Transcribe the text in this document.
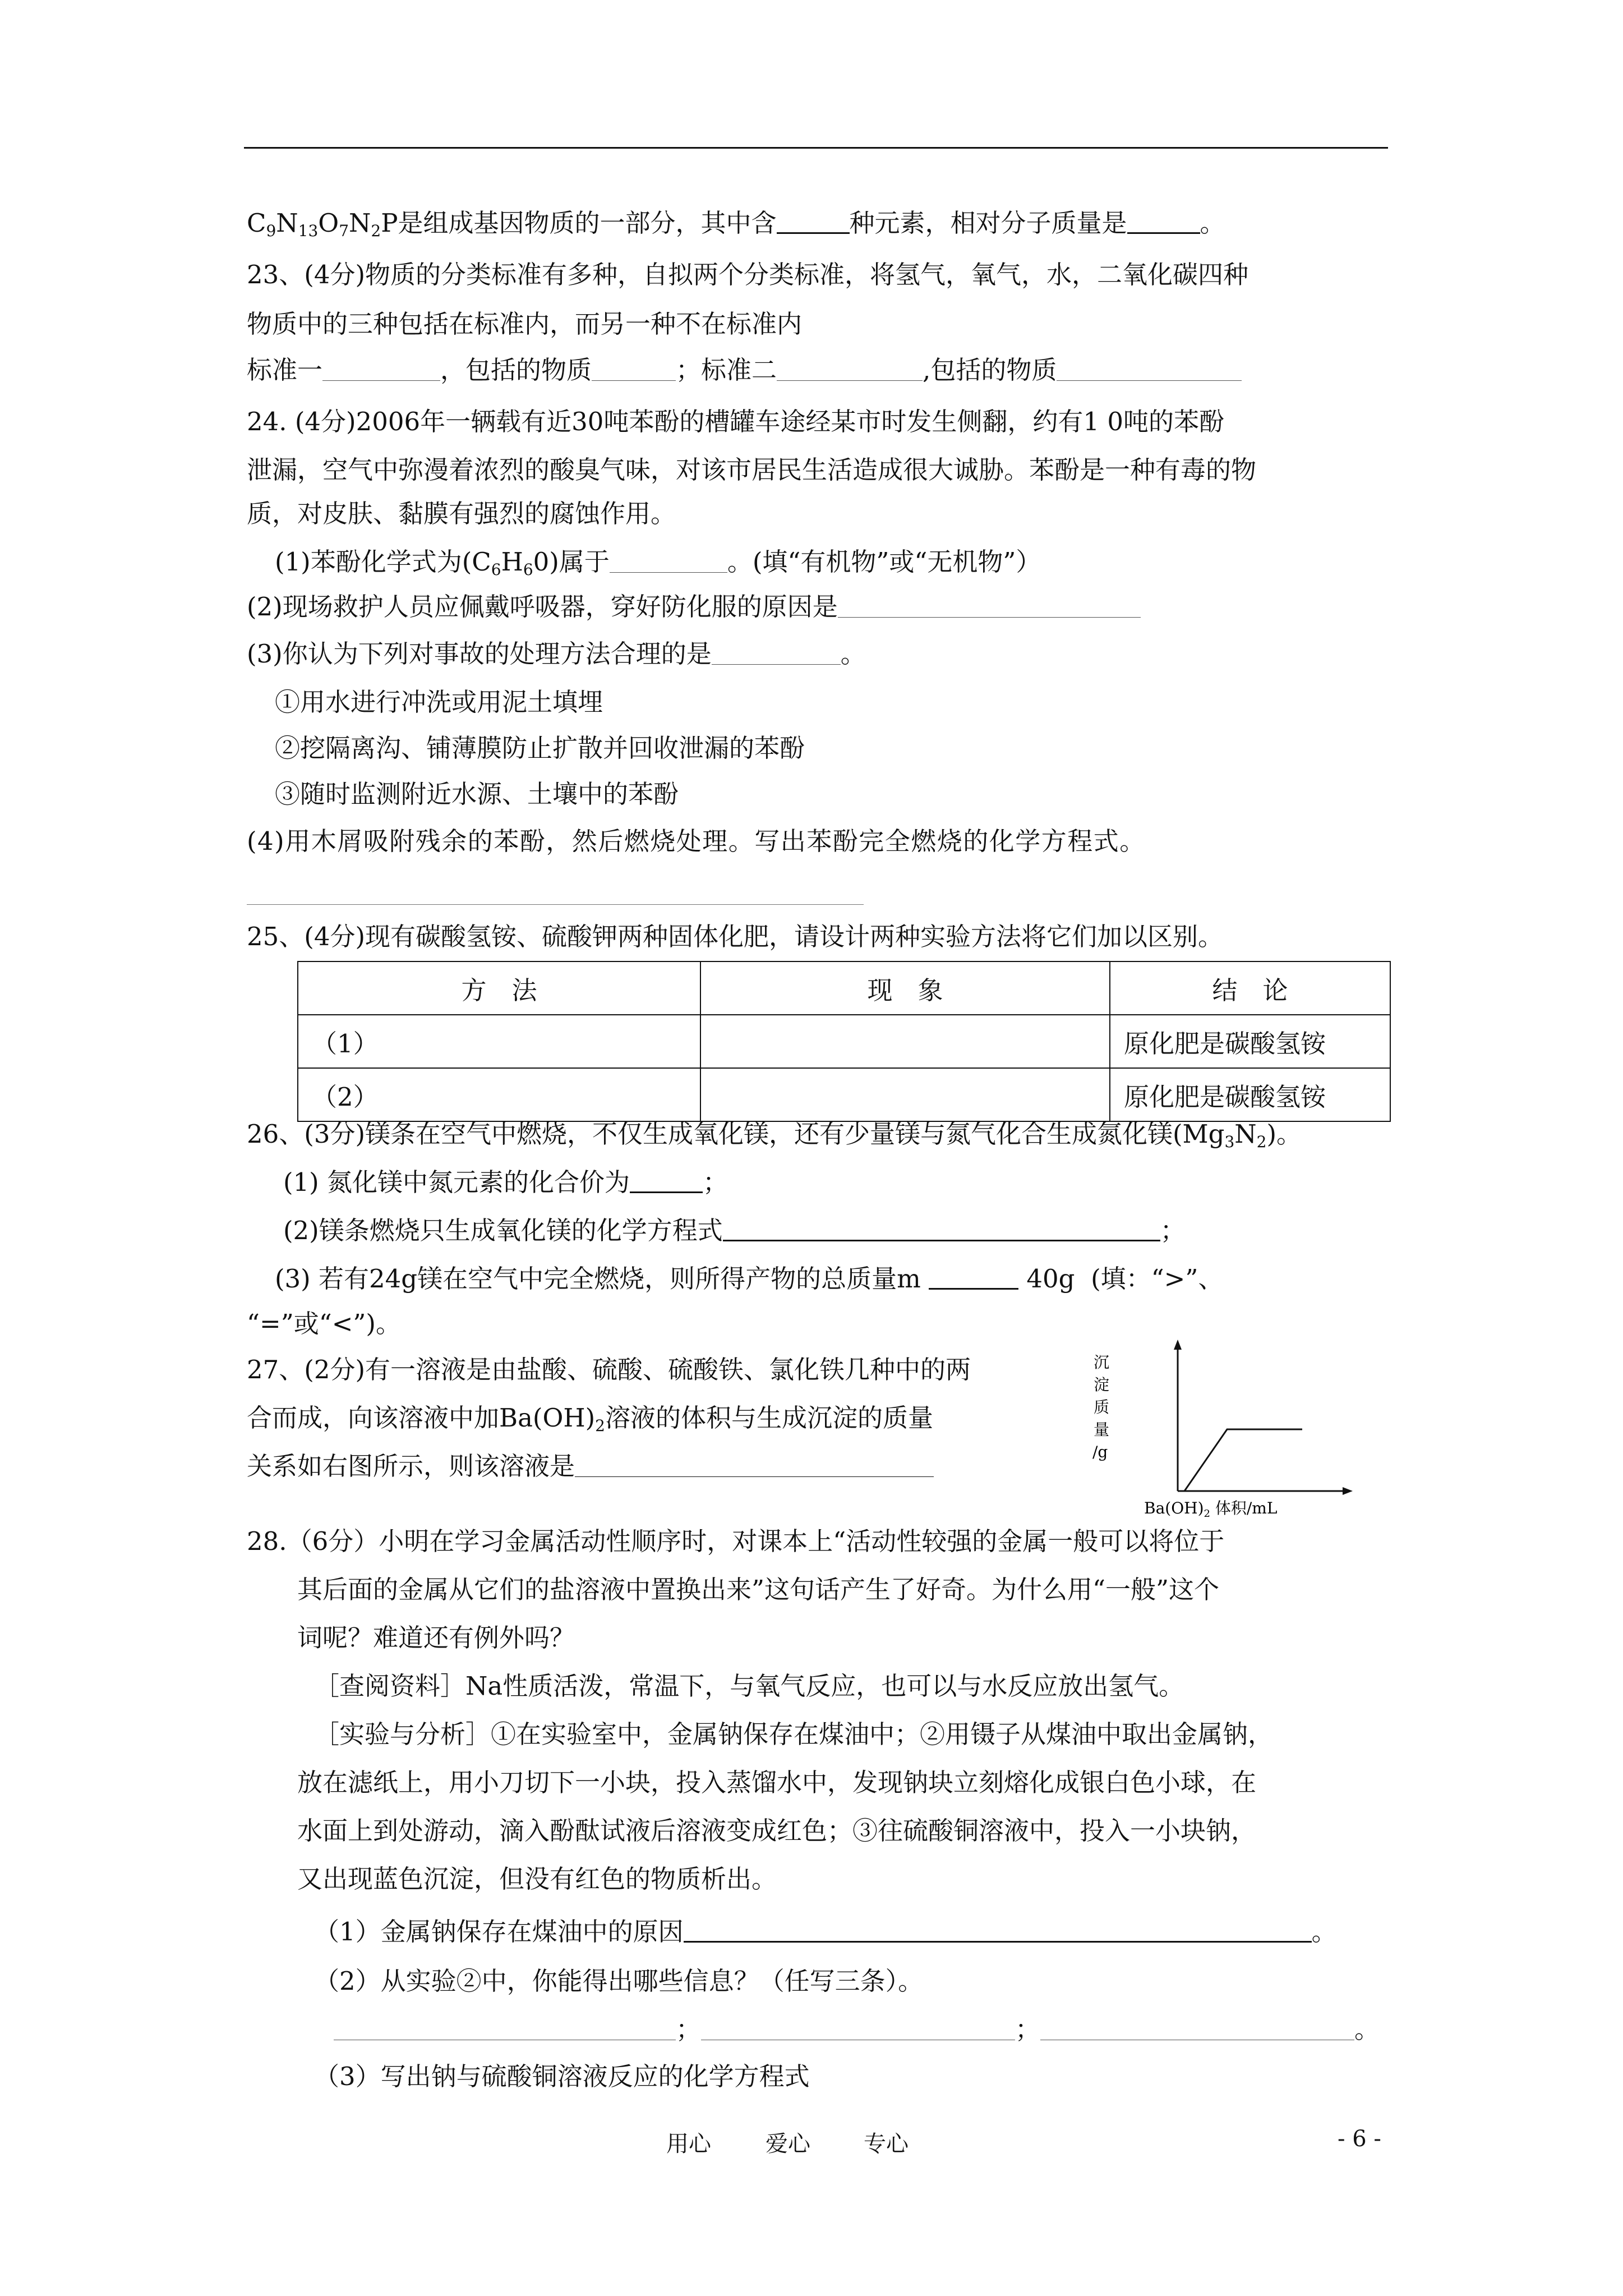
$C_9N_{13}O_7N_2P$是组成基因物质的一部分，其中含	种元素，相对分子质量是	。
23、(4分)物质的分类标准有多种，自拟两个分类标准，将氢气，氧气，水，二氧化碳四种
物质中的三种包括在标准内，而另一种不在标准内
标准一	，包括的物质	；标准二	,包括的物质
24. (4分)2006年一辆载有近30吨苯酚的槽罐车途经某市时发生侧翻，约有1 0吨的苯酚
泄漏，空气中弥漫着浓烈的酸臭气味，对该市居民生活造成很大诚胁。苯酚是一种有毒的物
质，对皮肤、黏膜有强烈的腐蚀作用。
(1)苯酚化学式为$(C_6H_60)$属于	。(填“有机物”或“无机物”）
(2)现场救护人员应佩戴呼吸器，穿好防化服的原因是
(3)你认为下列对事故的处理方法合理的是	。
①用水进行冲洗或用泥土填埋
②挖隔离沟、铺薄膜防止扩散并回收泄漏的苯酚
③随时监测附近水源、土壤中的苯酚
(4)用木屑吸附残余的苯酚，然后燃烧处理。写出苯酚完全燃烧的化学方程式。
25、(4分)现有碳酸氢铵、硫酸钾两种固体化肥，请设计两种实验方法将它们加以区别。
方　法	现　象	结　论
（1）		原化肥是碳酸氢铵
（2）		原化肥是碳酸氢铵
26、(3分)镁条在空气中燃烧，不仅生成氧化镁，还有少量镁与氮气化合生成氮化镁$(Mg_3N_2)$。
(1) 氮化镁中氮元素的化合价为	；
(2)镁条燃烧只生成氧化镁的化学方程式	；
(3) 若有24g镁在空气中完全燃烧，则所得产物的总质量m	40g  (填：“>”、
“=”或“<”)。
27、(2分)有一溶液是由盐酸、硫酸、硫酸铁、氯化铁几种中的两
合而成，向该溶液中加$Ba(OH)_2$溶液的体积与生成沉淀的质量
关系如右图所示，则该溶液是
沉
淀
质
量
/g
$Ba(OH)_2$ 体积/mL
28.（6分）小明在学习金属活动性顺序时，对课本上“活动性较强的金属一般可以将位于
其后面的金属从它们的盐溶液中置换出来”这句话产生了好奇。为什么用“一般”这个
词呢？难道还有例外吗？
［查阅资料］Na性质活泼，常温下，与氧气反应，也可以与水反应放出氢气。
［实验与分析］①在实验室中，金属钠保存在煤油中；②用镊子从煤油中取出金属钠，
放在滤纸上，用小刀切下一小块，投入蒸馏水中，发现钠块立刻熔化成银白色小球，在
水面上到处游动，滴入酚酞试液后溶液变成红色；③往硫酸铜溶液中，投入一小块钠，
又出现蓝色沉淀，但没有红色的物质析出。
（1）金属钠保存在煤油中的原因	。
（2）从实验②中，你能得出哪些信息？（任写三条）。
；	；	。
（3）写出钠与硫酸铜溶液反应的化学方程式
用心 爱心 专心	- 6 -
